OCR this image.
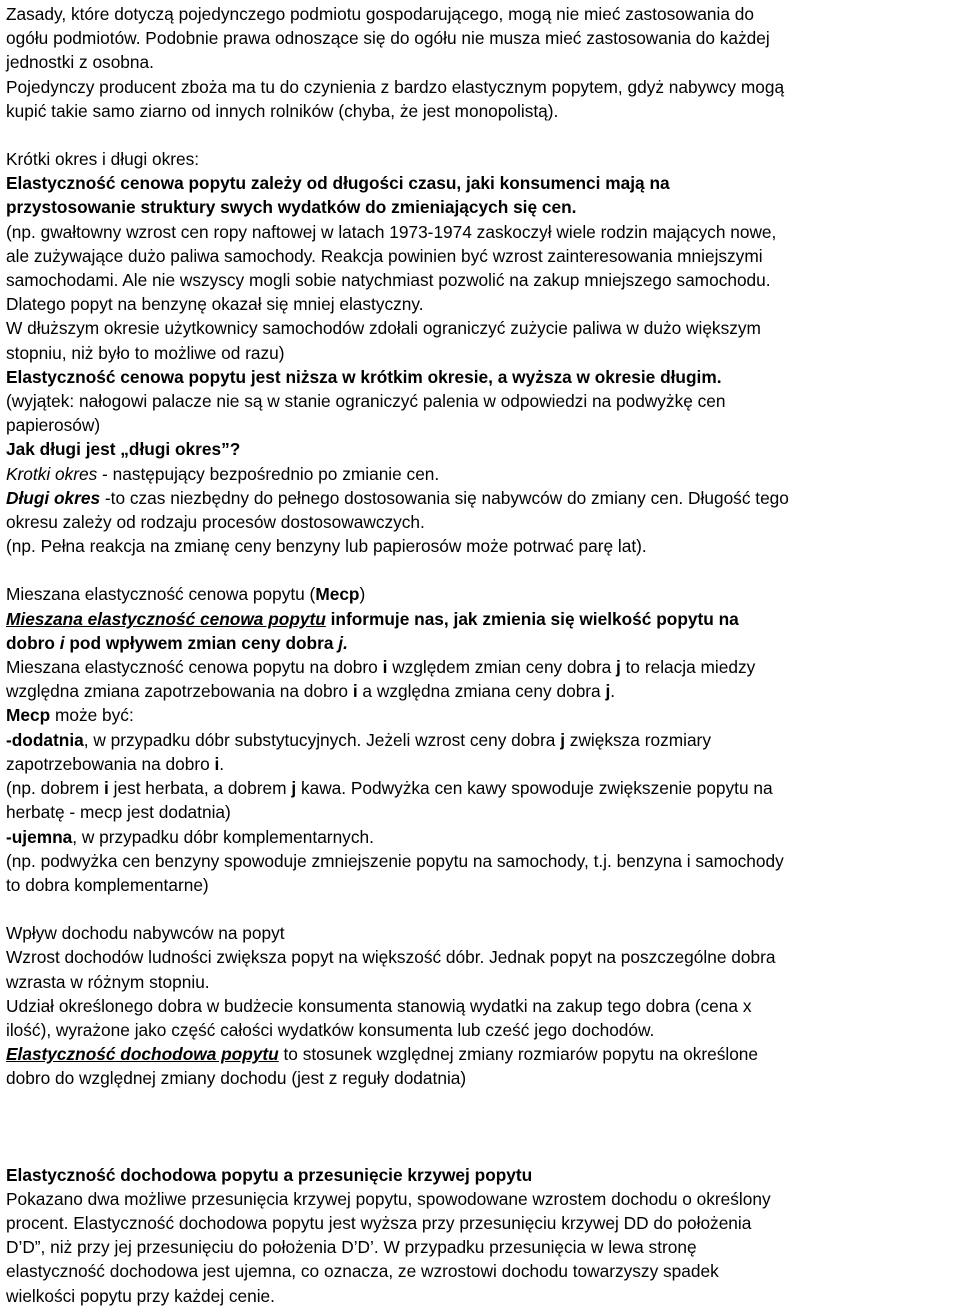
Zasady, które dotyczą pojedynczego podmiotu gospodarującego, mogą nie mieć zastosowania do
ogółu podmiotów. Podobnie prawa odnoszące się do ogółu nie musza mieć zastosowania do każdej
jednostki z osobna.
Pojedynczy producent zboża ma tu do czynienia z bardzo elastycznym popytem, gdyż nabywcy mogą
kupić takie samo ziarno od innych rolników (chyba, że jest monopolistą).
Krótki okres i długi okres:
Elastyczność cenowa popytu zależy od długości czasu, jaki konsumenci mają na
przystosowanie struktury swych wydatków do zmieniających się cen.
(np. gwałtowny wzrost cen ropy naftowej w latach 1973-1974 zaskoczył wiele rodzin mających nowe,
ale zużywające dużo paliwa samochody. Reakcja powinien być wzrost zainteresowania mniejszymi
samochodami. Ale nie wszyscy mogli sobie natychmiast pozwolić na zakup mniejszego samochodu.
Dlatego popyt na benzynę okazał się mniej elastyczny.
W dłuższym okresie użytkownicy samochodów zdołali ograniczyć zużycie paliwa w dużo większym
stopniu, niż było to możliwe od razu)
Elastyczność cenowa popytu jest niższa w krótkim okresie, a wyższa w okresie długim.
(wyjątek: nałogowi palacze nie są w stanie ograniczyć palenia w odpowiedzi na podwyżkę cen
papierosów)
Jak długi jest „długi okres”?
Krotki okres - następujący bezpośrednio po zmianie cen.
Długi okres -to czas niezbędny do pełnego dostosowania się nabywców do zmiany cen. Długość tego
okresu zależy od rodzaju procesów dostosowawczych.
(np. Pełna reakcja na zmianę ceny benzyny lub papierosów może potrwać parę lat).
Mieszana elastyczność cenowa popytu (Mecp)
Mieszana elastyczność cenowa popytu informuje nas, jak zmienia się wielkość popytu na
dobro i pod wpływem zmian ceny dobra j.
Mieszana elastyczność cenowa popytu na dobro i względem zmian ceny dobra j to relacja miedzy
względna zmiana zapotrzebowania na dobro i a względna zmiana ceny dobra j.
Mecp może być:
-dodatnia, w przypadku dóbr substytucyjnych. Jeżeli wzrost ceny dobra j zwiększa rozmiary
zapotrzebowania na dobro i.
(np. dobrem i jest herbata, a dobrem j kawa. Podwyżka cen kawy spowoduje zwiększenie popytu na
herbatę - mecp jest dodatnia)
-ujemna, w przypadku dóbr komplementarnych.
(np. podwyżka cen benzyny spowoduje zmniejszenie popytu na samochody, t.j. benzyna i samochody
to dobra komplementarne)
Wpływ dochodu nabywców na popyt
Wzrost dochodów ludności zwiększa popyt na większość dóbr. Jednak popyt na poszczególne dobra
wzrasta w różnym stopniu.
Udział określonego dobra w budżecie konsumenta stanowią wydatki na zakup tego dobra (cena x
ilość), wyrażone jako część całości wydatków konsumenta lub cześć jego dochodów.
Elastyczność dochodowa popytu to stosunek względnej zmiany rozmiarów popytu na określone
dobro do względnej zmiany dochodu (jest z reguły dodatnia)
Elastyczność dochodowa popytu a przesunięcie krzywej popytu
Pokazano dwa możliwe przesunięcia krzywej popytu, spowodowane wzrostem dochodu o określony
procent. Elastyczność dochodowa popytu jest wyższa przy przesunięciu krzywej DD do położenia
D’D”, niż przy jej przesunięciu do położenia D’D’. W przypadku przesunięcia w lewa stronę
elastyczność dochodowa jest ujemna, co oznacza, ze wzrostowi dochodu towarzyszy spadek
wielkości popytu przy każdej cenie.
